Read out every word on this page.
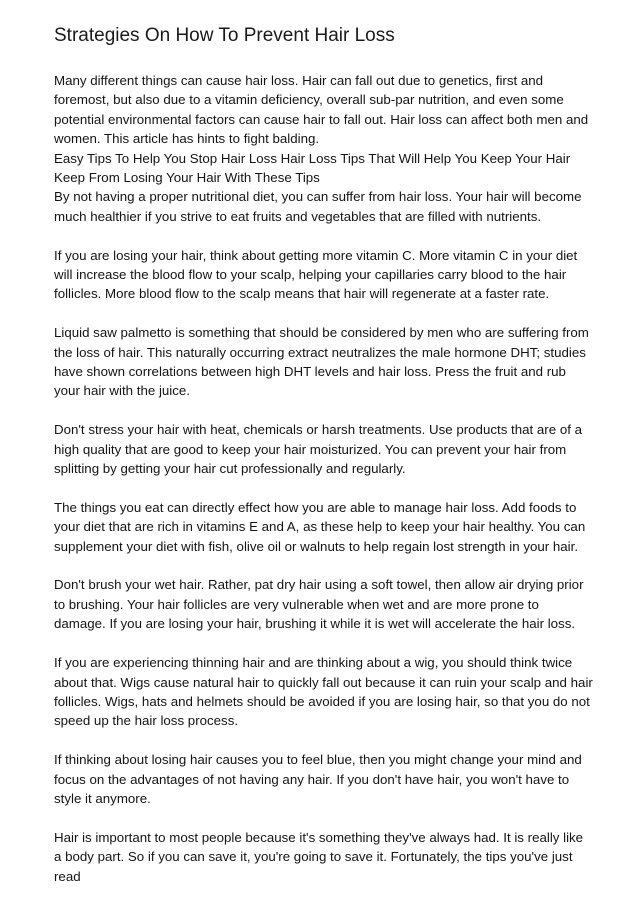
Strategies On How To Prevent Hair Loss

Many different things can cause hair loss. Hair can fall out due to genetics, first and foremost, but also due to a vitamin deficiency, overall sub-par nutrition, and even some potential environmental factors can cause hair to fall out. Hair loss can affect both men and women. This article has hints to fight balding.

Easy Tips To Help You Stop Hair Loss Hair Loss Tips That Will Help You Keep Your Hair Keep From Losing Your Hair With These Tips

By not having a proper nutritional diet, you can suffer from hair loss. Your hair will become much healthier if you strive to eat fruits and vegetables that are filled with nutrients.

If you are losing your hair, think about getting more vitamin C. More vitamin C in your diet will increase the blood flow to your scalp, helping your capillaries carry blood to the hair follicles. More blood flow to the scalp means that hair will regenerate at a faster rate.

Liquid saw palmetto is something that should be considered by men who are suffering from the loss of hair. This naturally occurring extract neutralizes the male hormone DHT; studies have shown correlations between high DHT levels and hair loss. Press the fruit and rub your hair with the juice.

Don't stress your hair with heat, chemicals or harsh treatments. Use products that are of a high quality that are good to keep your hair moisturized. You can prevent your hair from splitting by getting your hair cut professionally and regularly.

The things you eat can directly effect how you are able to manage hair loss. Add foods to your diet that are rich in vitamins E and A, as these help to keep your hair healthy. You can supplement your diet with fish, olive oil or walnuts to help regain lost strength in your hair.

Don't brush your wet hair. Rather, pat dry hair using a soft towel, then allow air drying prior to brushing. Your hair follicles are very vulnerable when wet and are more prone to damage. If you are losing your hair, brushing it while it is wet will accelerate the hair loss.

If you are experiencing thinning hair and are thinking about a wig, you should think twice about that. Wigs cause natural hair to quickly fall out because it can ruin your scalp and hair follicles. Wigs, hats and helmets should be avoided if you are losing hair, so that you do not speed up the hair loss process.

If thinking about losing hair causes you to feel blue, then you might change your mind and focus on the advantages of not having any hair. If you don't have hair, you won't have to style it anymore.

Hair is important to most people because it's something they've always had. It is really like a body part. So if you can save it, you're going to save it. Fortunately, the tips you've just read
